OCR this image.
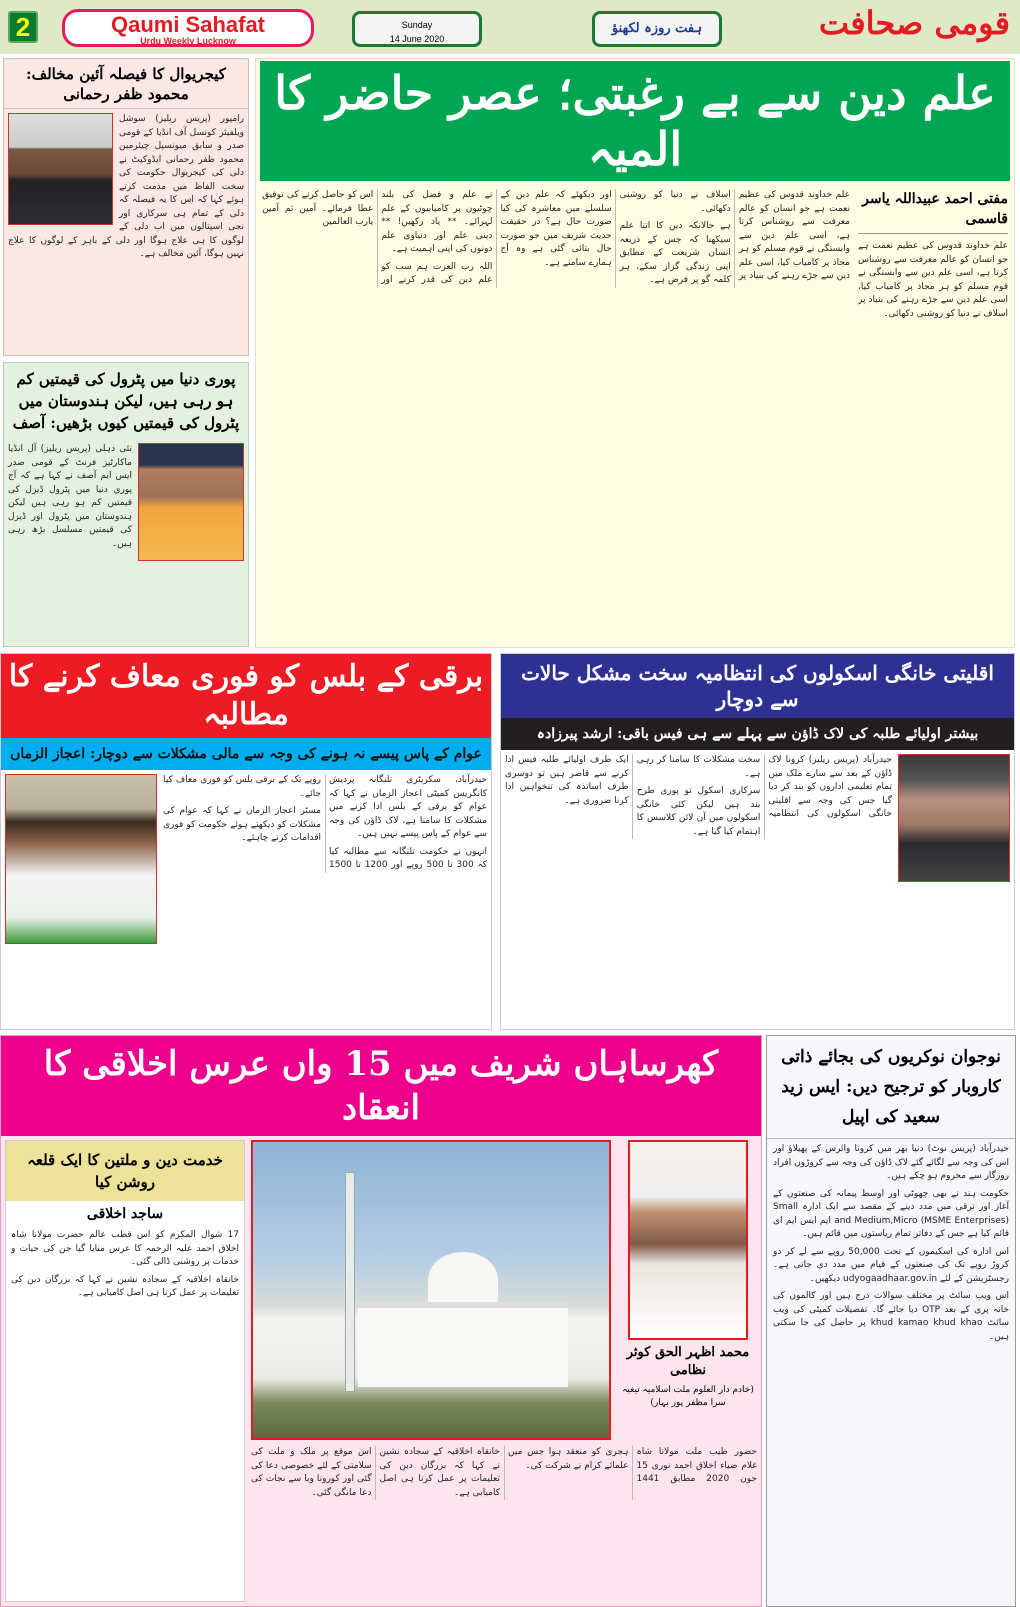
2	Qaumi Sahafat
Urdu Weekly Lucknow
Sunday
14 June 2020
ہفت روزہ لکھنؤ	قومی صحافت
کیجریوال کا فیصلہ آئین مخالف: محمود ظفر رحمانی

رامپور (پریس ریلیز) سوشل ویلفیئر کونسل آف انڈیا کے قومی صدر و سابق میونسپل چیئرمین محمود ظفر رحمانی ایڈوکیٹ نے دلی کی کیجریوال حکومت کی سخت الفاظ میں مذمت کرتے ہوئے کہا کہ اس کا یہ فیصلہ کہ دلی کے تمام ہی سرکاری اور نجی اسپتالوں میں اب دلی کے لوگوں کا ہی علاج ہوگا اور دلی کے باہر کے لوگوں کا علاج نہیں ہوگا، آئین مخالف ہے۔

پوری دنیا میں پٹرول کی قیمتیں کم ہو رہی ہیں، لیکن ہندوستان میں پٹرول کی قیمتیں کیوں بڑھیں: آصف

نئی دہلی (پریس ریلیز) آل انڈیا ماکارٹیز فرنٹ کے قومی صدر ایس ایم آصف نے کہا ہے کہ آج پوری دنیا میں پٹرول ڈیزل کی قیمتیں کم ہو رہی ہیں لیکن ہندوستان میں پٹرول اور ڈیزل کی قیمتیں مسلسل بڑھ رہی ہیں۔

علم دین سے بے رغبتی؛ عصر حاضر کا المیہ
مفتی احمد عبیداللہ یاسر قاسمی
علم خداوند قدوس کی عظیم نعمت ہے جو انسان کو عالم معرفت سے روشناس کرتا ہے، اسی علم دین سے وابستگی نے قوم مسلم کو ہر محاذ پر کامیاب کیا، اسی علم دین سے جڑے رہنے کی بنیاد پر اسلاف نے دنیا کو روشنی دکھائی۔

علم خداوند قدوس کی عظیم نعمت ہے جو انسان کو عالم معرفت سے روشناس کرتا ہے، اسی علم دین سے وابستگی نے قوم مسلم کو ہر محاذ پر کامیاب کیا، اسی علم دین سے جڑے رہنے کی بنیاد پر اسلاف نے دنیا کو روشنی دکھائی۔

ہے حالانکہ دین کا اتنا علم سیکھنا کہ جس کے ذریعہ انسان شریعت کے مطابق اپنی زندگی گزار سکے، ہر کلمہ گو پر فرض ہے۔

اور دیکھئے کہ علم دین کے سلسلے میں معاشرہ کی کیا صورت حال ہے؟ در حقیقت حدیث شریف میں جو صورت حال بتائی گئی ہے وہ آج ہمارے سامنے ہے۔

نے علم و فضل کی بلند چوٹیوں پر کامیابیوں کے علم لہرائے۔ ** یاد رکھیں! ** دینی علم اور دنیاوی علم دونوں کی اپنی اہمیت ہے۔

اللہ رب العزت ہم سب کو علم دین کی قدر کرنے اور اس کو حاصل کرنے کی توفیق عطا فرمائے۔ آمین ثم آمین یارب العالمین

برقی کے بلس کو فوری معاف کرنے کا مطالبہ
عوام کے پاس پیسے نہ ہونے کی وجہ سے مالی مشکلات سے دوچار: اعجاز الزماں

حیدرآباد، سکریٹری تلنگانہ پردیش کانگریس کمیٹی اعجاز الزماں نے کہا کہ عوام کو برقی کے بلس ادا کرنے میں مشکلات کا سامنا ہے، لاک ڈاؤن کی وجہ سے عوام کے پاس پیسے نہیں ہیں۔

انہوں نے حکومت تلنگانہ سے مطالبہ کیا کہ 300 تا 500 روپے اور 1200 تا 1500 روپے تک کے برقی بلس کو فوری معاف کیا جائے۔

مسٹر اعجاز الزماں نے کہا کہ عوام کی مشکلات کو دیکھتے ہوئے حکومت کو فوری اقدامات کرنے چاہئے۔

اقلیتی خانگی اسکولوں کی انتظامیہ سخت مشکل حالات سے دوچار
بیشتر اولیائے طلبہ کی لاک ڈاؤن سے پہلے سے ہی فیس باقی: ارشد پیرزادہ

حیدرآباد (پریس ریلیز) کرونا لاک ڈاؤن کے بعد سے سارے ملک میں تمام تعلیمی اداروں کو بند کر دیا گیا جس کی وجہ سے اقلیتی خانگی اسکولوں کی انتظامیہ سخت مشکلات کا سامنا کر رہی ہے۔

سرکاری اسکول تو پوری طرح بند ہیں لیکن کئی خانگی اسکولوں میں آن لائن کلاسس کا اہتمام کیا گیا ہے۔

ایک طرف اولیائے طلبہ فیس ادا کرنے سے قاصر ہیں تو دوسری طرف اساتذہ کی تنخواہیں ادا کرنا ضروری ہے۔

کھرساہاں شریف میں 15 واں عرس اخلاقی کا انعقاد
خدمت دین و ملتین کا ایک قلعہ روشن کیا
ساجد اخلاقی

17 شوال المکرم کو اس قطب عالم حضرت مولانا شاہ اخلاق احمد علیہ الرحمہ کا عرس منایا گیا جن کی حیات و خدمات پر روشنی ڈالی گئی۔

خانقاہ اخلاقیہ کے سجادہ نشین نے کہا کہ بزرگان دین کی تعلیمات پر عمل کرنا ہی اصل کامیابی ہے۔

محمد اظہر الحق کوثر نظامی
(خادم دار العلوم ملت اسلامیہ تیغیہ سرا مظفر پور بہار)

حضور طیب ملت مولانا شاہ غلام ضیاء اخلاق احمد نوری 15 جون 2020 مطابق 1441 ہجری کو منعقد ہوا جس میں علمائے کرام نے شرکت کی۔

خانقاہ اخلاقیہ کے سجادہ نشین نے کہا کہ بزرگان دین کی تعلیمات پر عمل کرنا ہی اصل کامیابی ہے۔

اس موقع پر ملک و ملت کی سلامتی کے لئے خصوصی دعا کی گئی اور کورونا وبا سے نجات کی دعا مانگی گئی۔

نوجوان نوکریوں کی بجائے ذاتی کاروبار کو ترجیح دیں: ایس زید سعید کی اپیل

حیدرآباد (پریس نوٹ) دنیا بھر میں کرونا وائرس کے پھیلاؤ اور اس کی وجہ سے لگائے گئے لاک ڈاؤن کی وجہ سے کروڑوں افراد روزگار سے محروم ہو چکے ہیں۔

حکومت ہند نے بھی چھوٹی اور اوسط پیمانہ کی صنعتوں کے آغاز اور ترقی میں مدد دینے کے مقصد سے ایک ادارہ Small and Medium,Micro (MSME Enterprises) ایم ایس ایم ای قائم کیا ہے جس کے دفاتر تمام ریاستوں میں قائم ہیں۔

اس ادارہ کی اسکیموں کے تحت 50,000 روپے سے لے کر دو کروڑ روپے تک کی صنعتوں کے قیام میں مدد دی جاتی ہے۔ رجسٹریشن کے لئے udyogaadhaar.gov.in دیکھیں۔

اس ویب سائٹ پر مختلف سوالات درج ہیں اور کالموں کی خانہ پری کے بعد OTP دیا جائے گا۔ تفصیلات کمیٹی کی ویب سائٹ khud kamao khud khao پر حاصل کی جا سکتی ہیں۔
